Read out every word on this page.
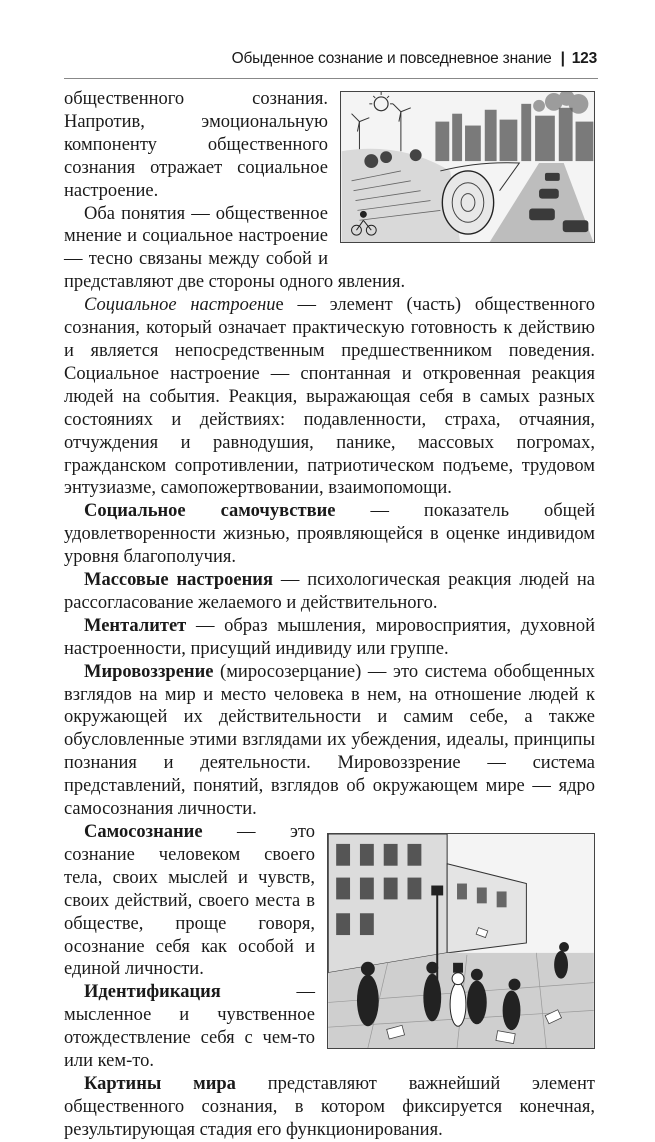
Обыденное сознание и повседневное знание | 123

общественного сознания. Напротив, эмоциональную компоненту общественного сознания отражает социальное настроение.

Оба понятия — общественное мнение и социальное настроение — тесно связаны между собой и представляют две стороны одного явления.

Социальное настроение — элемент (часть) общественного сознания, который означает практическую готовность к действию и является непосредственным предшественником поведения. Социальное настроение — спонтанная и откровенная реакция людей на события. Реакция, выражающая себя в самых разных состояниях и действиях: подавленности, страха, отчаяния, отчуждения и равнодушия, панике, массовых погромах, гражданском сопротивлении, патриотическом подъеме, трудовом энтузиазме, самопожертвовании, взаимопомощи.

Социальное самочувствие — показатель общей удовлетворенности жизнью, проявляющейся в оценке индивидом уровня благополучия.

Массовые настроения — психологическая реакция людей на рассогласование желаемого и действительного.

Менталитет — образ мышления, мировосприятия, духовной настроенности, присущий индивиду или группе.

Мировоззрение (миросозерцание) — это система обобщенных взглядов на мир и место человека в нем, на отношение людей к окружающей их действительности и самим себе, а также обусловленные этими взглядами их убеждения, идеалы, принципы познания и деятельности. Мировоззрение — система представлений, понятий, взглядов об окружающем мире — ядро самосознания личности.

Самосознание — это сознание человеком своего тела, своих мыслей и чувств, своих действий, своего места в обществе, проще говоря, осознание себя как особой и единой личности.

Идентификация — мысленное и чувственное отождествление себя с чем-то или кем-то.

Картины мира представляют важнейший элемент общественного сознания, в котором фиксируется конечная, результирующая стадия его функционирования.
